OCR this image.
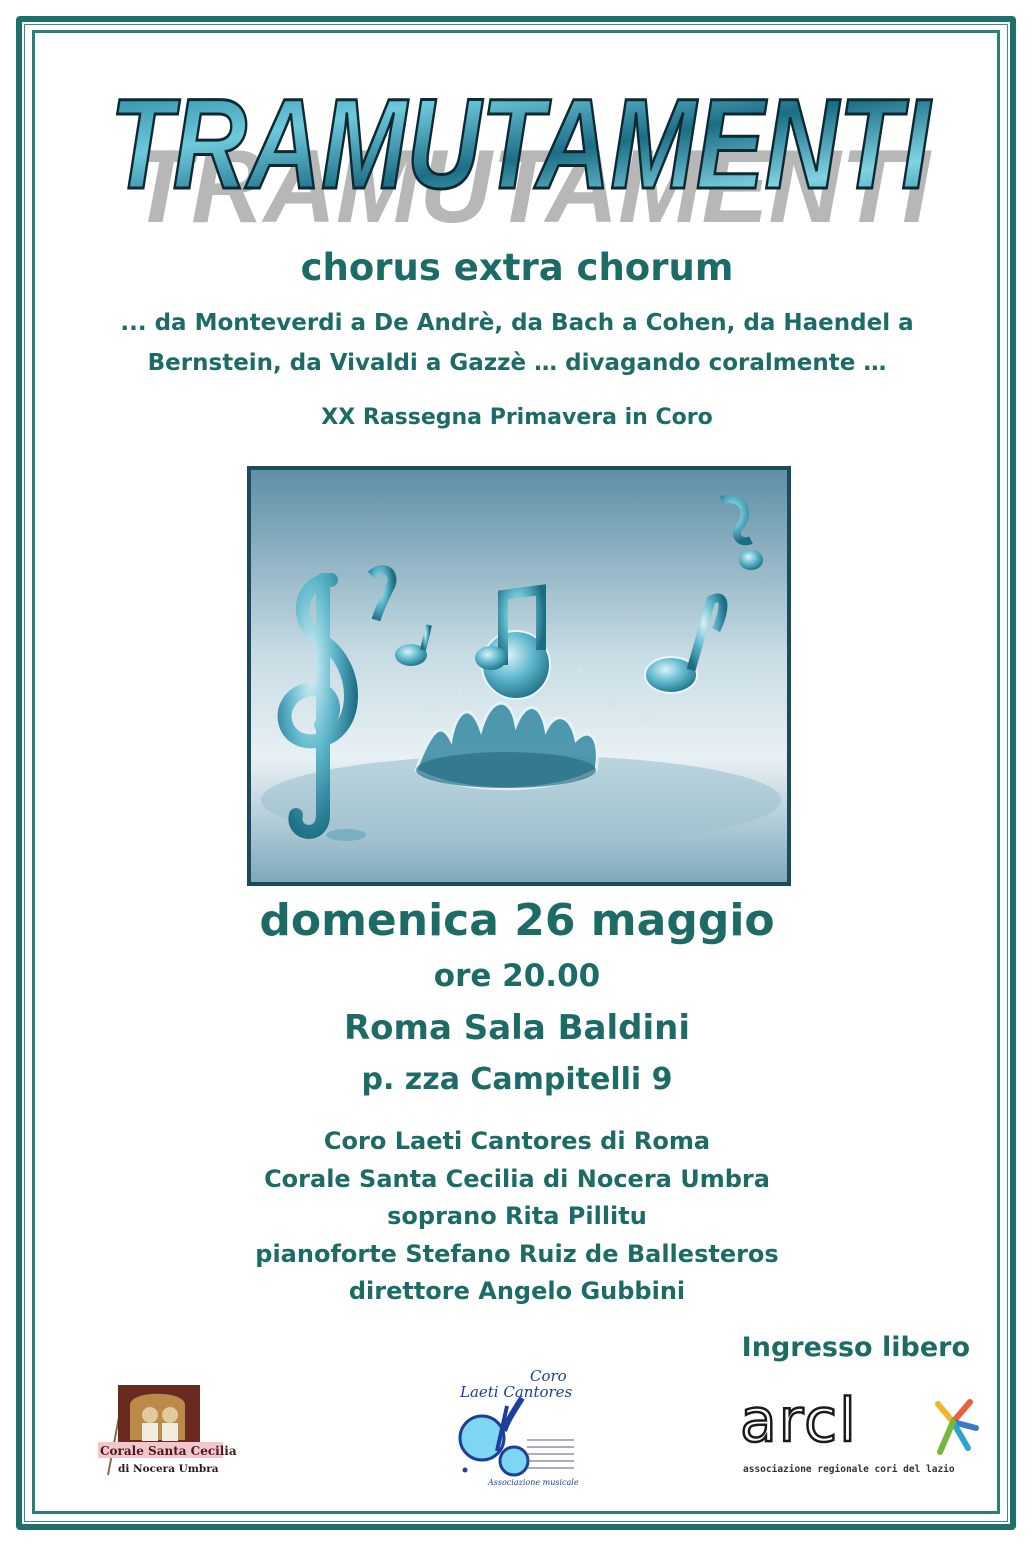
TRAMUTAMENTI
TRAMUTAMENTI
chorus extra chorum
... da Monteverdi a De Andrè, da Bach a Cohen, da Haendel a
Bernstein, da Vivaldi a Gazzè … divagando coralmente …
XX Rassegna Primavera in Coro
domenica 26 maggio
ore 20.00
Roma Sala Baldini
p. zza Campitelli 9
Coro Laeti Cantores di Roma
Corale Santa Cecilia di Nocera Umbra
soprano Rita Pillitu
pianoforte Stefano Ruiz de Ballesteros
direttore Angelo Gubbini
Ingresso libero
Corale Santa Cecilia
di Nocera Umbra
Coro
Laeti Cantores
Associazione musicale
arcl
associazione regionale cori del lazio
